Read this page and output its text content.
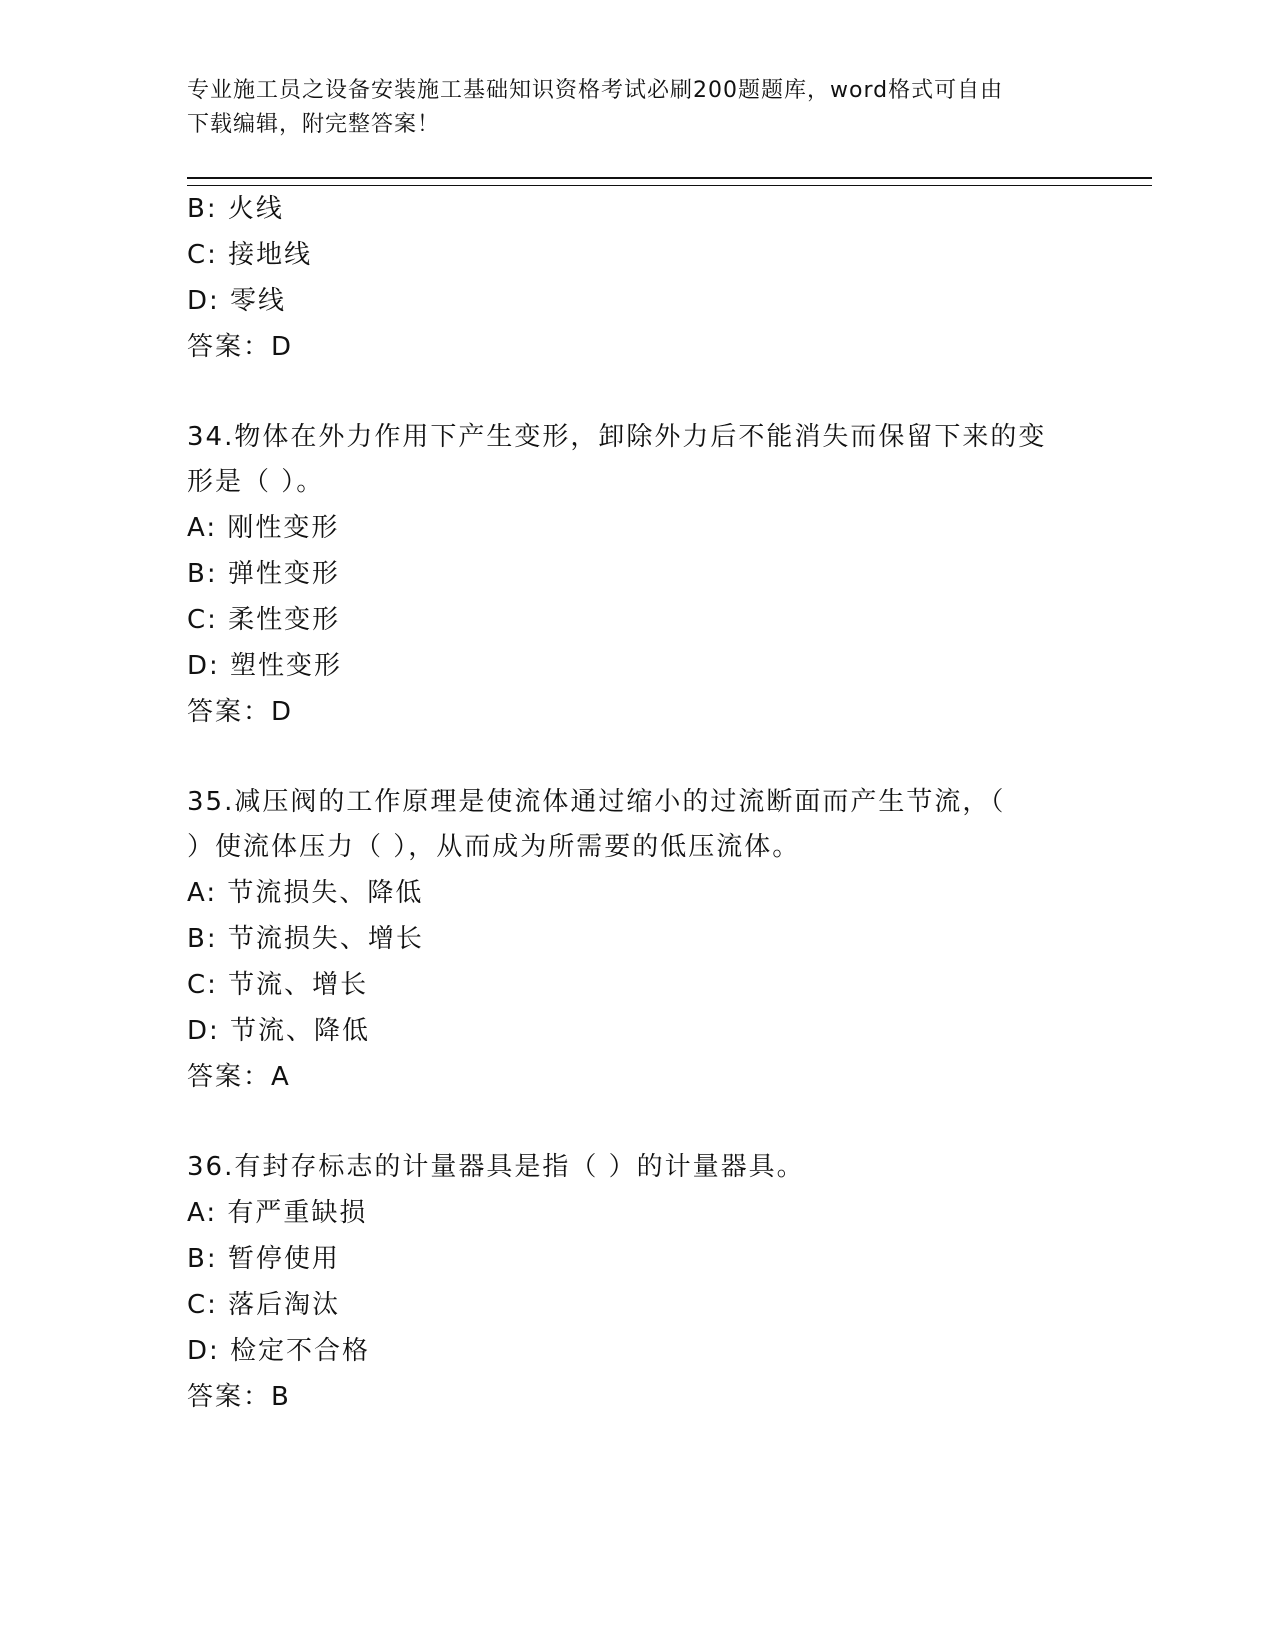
专业施工员之设备安装施工基础知识资格考试必刷200题题库，word格式可自由
下载编辑，附完整答案！
B: 火线
C: 接地线
D: 零线
答案：D
34.物体在外力作用下产生变形，卸除外力后不能消失而保留下来的变
形是（ ）。
A: 刚性变形
B: 弹性变形
C: 柔性变形
D: 塑性变形
答案：D
35.减压阀的工作原理是使流体通过缩小的过流断面而产生节流，（
）使流体压力（ ），从而成为所需要的低压流体。
A: 节流损失、降低
B: 节流损失、增长
C: 节流、增长
D: 节流、降低
答案：A
36.有封存标志的计量器具是指（ ）的计量器具。
A: 有严重缺损
B: 暂停使用
C: 落后淘汰
D: 检定不合格
答案：B
